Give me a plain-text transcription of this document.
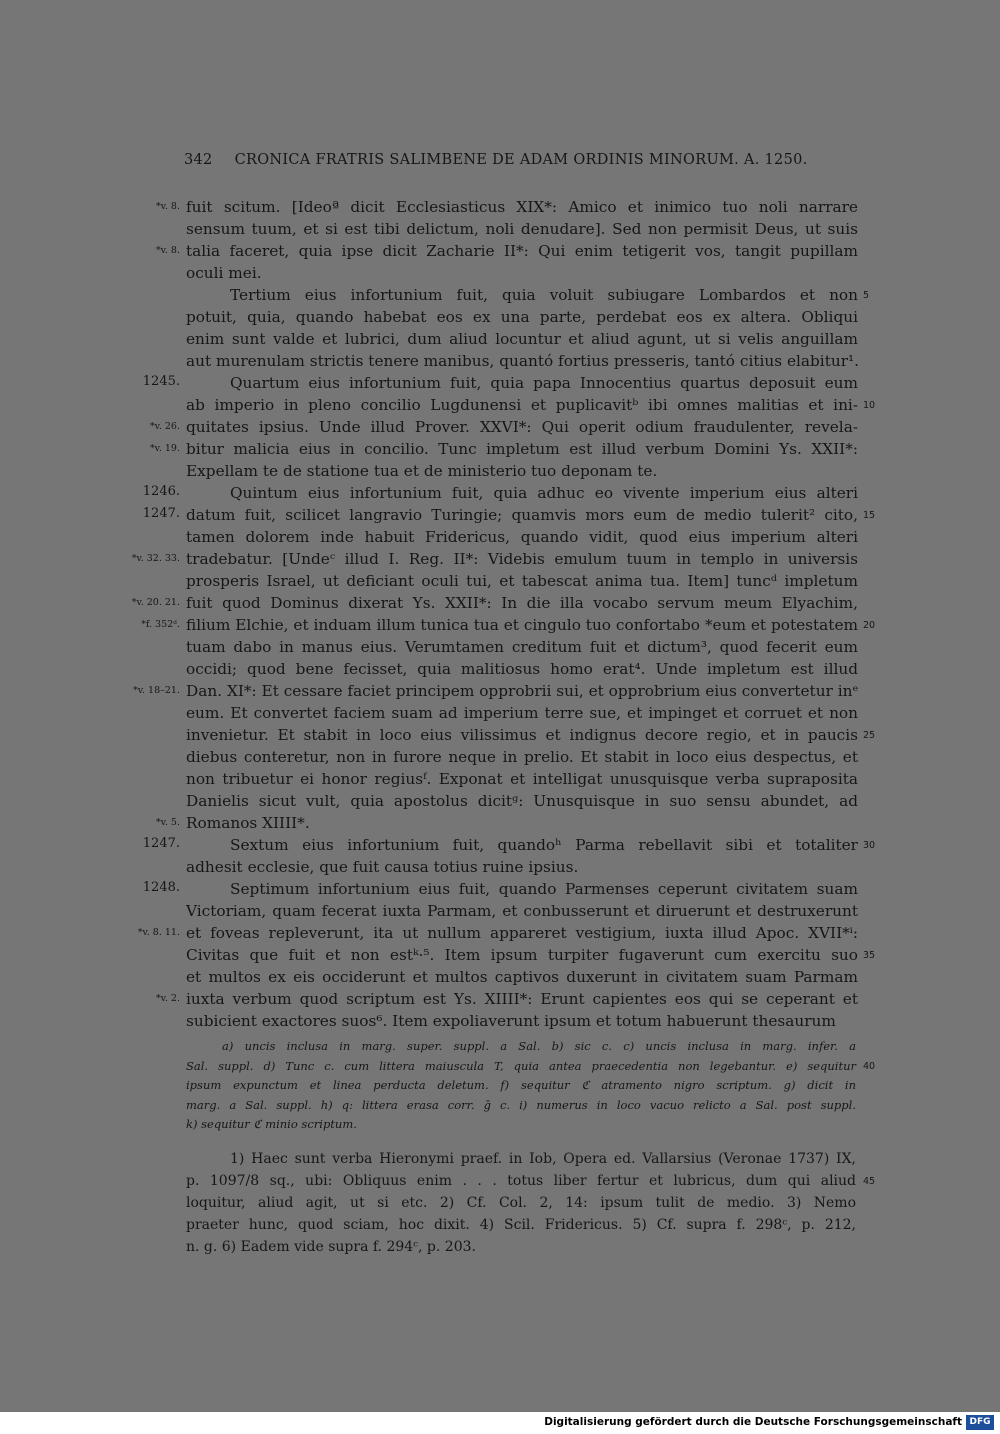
342 CRONICA FRATRIS SALIMBENE DE ADAM ORDINIS MINORUM. A. 1250.
fuit scitum. [Ideoª dicit Ecclesiasticus XIX*: Amico et inimico tuo noli narrare
sensum tuum, et si est tibi delictum, noli denudare]. Sed non permisit Deus, ut suis
talia faceret, quia ipse dicit Zacharie II*: Qui enim tetigerit vos, tangit pupillam
oculi mei.
Tertium eius infortunium fuit, quia voluit subiugare Lombardos et non
potuit, quia, quando habebat eos ex una parte, perdebat eos ex altera. Obliqui
enim sunt valde et lubrici, dum aliud locuntur et aliud agunt, ut si velis anguillam
aut murenulam strictis tenere manibus, quantó fortius presseris, tantó citius elabitur¹.
Quartum eius infortunium fuit, quia papa Innocentius quartus deposuit eum
ab imperio in pleno concilio Lugdunensi et puplicavitᵇ ibi omnes malitias et ini-
quitates ipsius. Unde illud Prover. XXVI*: Qui operit odium fraudulenter, revela-
bitur malicia eius in concilio. Tunc impletum est illud verbum Domini Ys. XXII*:
Expellam te de statione tua et de ministerio tuo deponam te.
Quintum eius infortunium fuit, quia adhuc eo vivente imperium eius alteri
datum fuit, scilicet langravio Turingie; quamvis mors eum de medio tulerit² cito,
tamen dolorem inde habuit Fridericus, quando vidit, quod eius imperium alteri
tradebatur. [Undeᶜ illud I. Reg. II*: Videbis emulum tuum in templo in universis
prosperis Israel, ut deficiant oculi tui, et tabescat anima tua. Item] tuncᵈ impletum
fuit quod Dominus dixerat Ys. XXII*: In die illa vocabo servum meum Elyachim,
filium Elchie, et induam illum tunica tua et cingulo tuo confortabo *eum et potestatem
tuam dabo in manus eius. Verumtamen creditum fuit et dictum³, quod fecerit eum
occidi; quod bene fecisset, quia malitiosus homo erat⁴. Unde impletum est illud
Dan. XI*: Et cessare faciet principem opprobrii sui, et opprobrium eius convertetur inᵉ
eum. Et convertet faciem suam ad imperium terre sue, et impinget et corruet et non
invenietur. Et stabit in loco eius vilissimus et indignus decore regio, et in paucis
diebus conteretur, non in furore neque in prelio. Et stabit in loco eius despectus, et
non tribuetur ei honor regiusᶠ. Exponat et intelligat unusquisque verba supraposita
Danielis sicut vult, quia apostolus dicitᵍ: Unusquisque in suo sensu abundet, ad
Romanos XIIII*.
Sextum eius infortunium fuit, quandoʰ Parma rebellavit sibi et totaliter
adhesit ecclesie, que fuit causa totius ruine ipsius.
Septimum infortunium eius fuit, quando Parmenses ceperunt civitatem suam
Victoriam, quam fecerat iuxta Parmam, et conbusserunt et diruerunt et destruxerunt
et foveas repleverunt, ita ut nullum appareret vestigium, iuxta illud Apoc. XVII*ⁱ:
Civitas que fuit et non estᵏ·⁵. Item ipsum turpiter fugaverunt cum exercitu suo
et multos ex eis occiderunt et multos captivos duxerunt in civitatem suam Parmam
iuxta verbum quod scriptum est Ys. XIIII*: Erunt capientes eos qui se ceperant et
subicient exactores suos⁶. Item expoliaverunt ipsum et totum habuerunt thesaurum
*v. 8.
*v. 8.
1245.
*v. 26.
*v. 19.
1246.
1247.
*v. 32. 33.
*v. 20. 21.
*f. 352ᵈ.
*v. 18–21.
*v. 5.
1247.
1248.
*v. 8. 11.
*v. 2.
5
10
15
20
25
30
35
a) uncis inclusa in marg. super. suppl. a Sal. b) sic c. c) uncis inclusa in marg. infer. a
Sal. suppl. d) Tunc c. cum littera maiuscula T, quia antea praecedentia non legebantur. e) sequitur
ipsum expunctum et linea perducta deletum. f) sequitur ℭ atramento nigro scriptum. g) dicit in
marg. a Sal. suppl. h) q: littera erasa corr. ḡ c. i) numerus in loco vacuo relicto a Sal. post suppl.
k) sequitur ℭ minio scriptum.
40
1) Haec sunt verba Hieronymi praef. in Iob, Opera ed. Vallarsius (Veronae 1737) IX,
p. 1097/8 sq., ubi: Obliquus enim . . . totus liber fertur et lubricus, dum qui aliud
loquitur, aliud agit, ut si etc. 2) Cf. Col. 2, 14: ipsum tulit de medio. 3) Nemo
praeter hunc, quod sciam, hoc dixit. 4) Scil. Fridericus. 5) Cf. supra f. 298ᶜ, p. 212,
n. g. 6) Eadem vide supra f. 294ᶜ, p. 203.
45
Digitalisierung gefördert durch die Deutsche Forschungsgemeinschaft DFG
